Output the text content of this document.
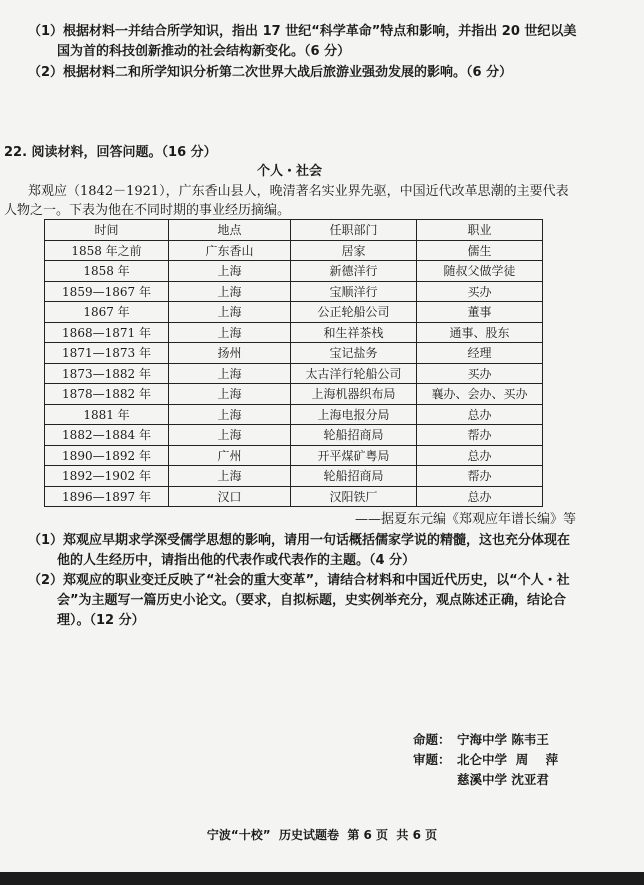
（1）根据材料一并结合所学知识，指出 17 世纪“科学革命”特点和影响，并指出 20 世纪以美
国为首的科技创新推动的社会结构新变化。（6 分）
（2）根据材料二和所学知识分析第二次世界大战后旅游业强劲发展的影响。（6 分）
22. 阅读材料，回答问题。（16 分）
个人・社会
郑观应（1842－1921），广东香山县人，晚清著名实业界先驱，中国近代改革思潮的主要代表
人物之一。下表为他在不同时期的事业经历摘编。
时间	地点	任职部门	职业
1858 年之前	广东香山	居家	儒生
1858 年	上海	新德洋行	随叔父做学徒
1859—1867 年	上海	宝顺洋行	买办
1867 年	上海	公正轮船公司	董事
1868—1871 年	上海	和生祥茶栈	通事、股东
1871—1873 年	扬州	宝记盐务	经理
1873—1882 年	上海	太古洋行轮船公司	买办
1878—1882 年	上海	上海机器织布局	襄办、会办、买办
1881 年	上海	上海电报分局	总办
1882—1884 年	上海	轮船招商局	帮办
1890—1892 年	广州	开平煤矿粤局	总办
1892—1902 年	上海	轮船招商局	帮办
1896—1897 年	汉口	汉阳铁厂	总办
——据夏东元编《郑观应年谱长编》等
（1）郑观应早期求学深受儒学思想的影响，请用一句话概括儒家学说的精髓，这也充分体现在
他的人生经历中，请指出他的代表作或代表作的主题。（4 分）
（2）郑观应的职业变迁反映了“社会的重大变革”，请结合材料和中国近代历史，以“个人・社
会”为主题写一篇历史小论文。（要求，自拟标题，史实例举充分，观点陈述正确，结论合
理）。（12 分）
命题： 宁海中学 陈韦王
审题： 北仑中学  周    萍
慈溪中学 沈亚君
宁波“十校”  历史试题卷  第 6 页  共 6 页
